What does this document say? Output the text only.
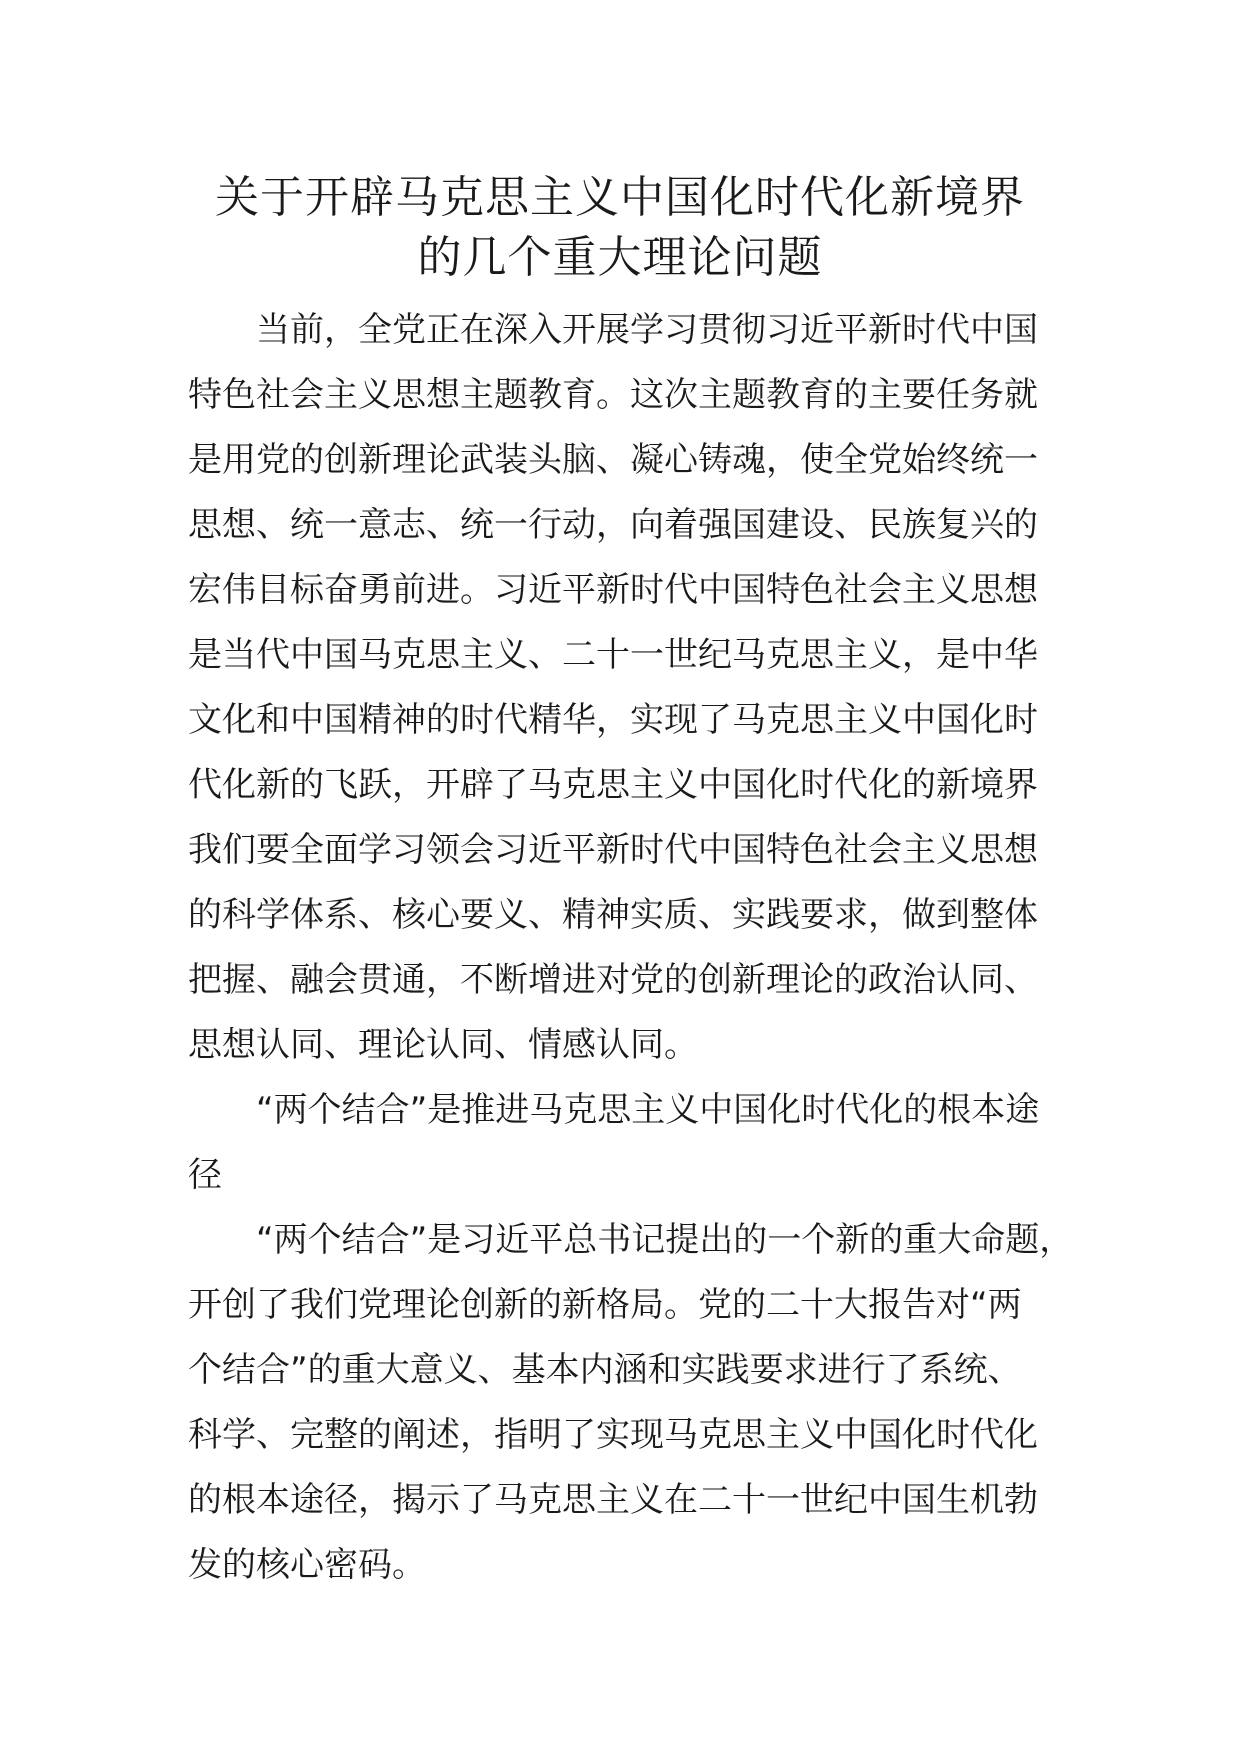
关于开辟马克思主义中国化时代化新境界
的几个重大理论问题
当前，全党正在深入开展学习贯彻习近平新时代中国
特色社会主义思想主题教育。这次主题教育的主要任务就
是用党的创新理论武装头脑、凝心铸魂，使全党始终统一
思想、统一意志、统一行动，向着强国建设、民族复兴的
宏伟目标奋勇前进。习近平新时代中国特色社会主义思想
是当代中国马克思主义、二十一世纪马克思主义，是中华
文化和中国精神的时代精华，实现了马克思主义中国化时
代化新的飞跃，开辟了马克思主义中国化时代化的新境界
我们要全面学习领会习近平新时代中国特色社会主义思想
的科学体系、核心要义、精神实质、实践要求，做到整体
把握、融会贯通，不断增进对党的创新理论的政治认同、
思想认同、理论认同、情感认同。
“两个结合”是推进马克思主义中国化时代化的根本途
径
“两个结合”是习近平总书记提出的一个新的重大命题，
开创了我们党理论创新的新格局。党的二十大报告对“两
个结合”的重大意义、基本内涵和实践要求进行了系统、
科学、完整的阐述，指明了实现马克思主义中国化时代化
的根本途径，揭示了马克思主义在二十一世纪中国生机勃
发的核心密码。
